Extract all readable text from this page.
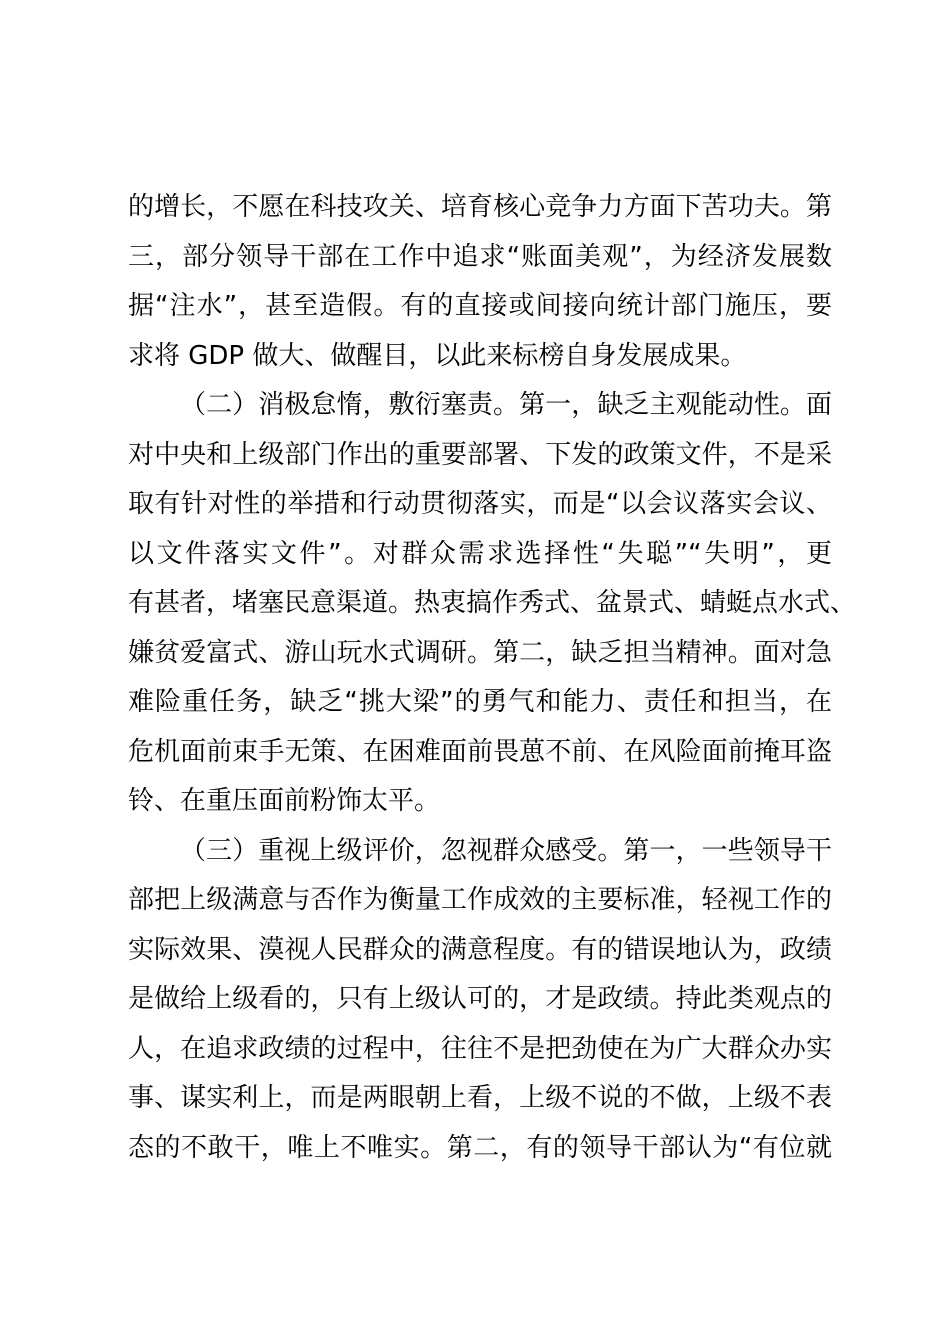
的增长，不愿在科技攻关、培育核心竞争力方面下苦功夫。第
三，部分领导干部在工作中追求“账面美观”，为经济发展数
据“注水”，甚至造假。有的直接或间接向统计部门施压，要
求将 GDP 做大、做醒目，以此来标榜自身发展成果。
（二）消极怠惰，敷衍塞责。第一，缺乏主观能动性。面
对中央和上级部门作出的重要部署、下发的政策文件，不是采
取有针对性的举措和行动贯彻落实，而是“以会议落实会议、
以文件落实文件”。对群众需求选择性“失聪”“失明”，更
有甚者，堵塞民意渠道。热衷搞作秀式、盆景式、蜻蜓点水式、
嫌贫爱富式、游山玩水式调研。第二，缺乏担当精神。面对急
难险重任务，缺乏“挑大梁”的勇气和能力、责任和担当，在
危机面前束手无策、在困难面前畏葸不前、在风险面前掩耳盗
铃、在重压面前粉饰太平。
（三）重视上级评价，忽视群众感受。第一，一些领导干
部把上级满意与否作为衡量工作成效的主要标准，轻视工作的
实际效果、漠视人民群众的满意程度。有的错误地认为，政绩
是做给上级看的，只有上级认可的，才是政绩。持此类观点的
人，在追求政绩的过程中，往往不是把劲使在为广大群众办实
事、谋实利上，而是两眼朝上看，上级不说的不做，上级不表
态的不敢干，唯上不唯实。第二，有的领导干部认为“有位就
